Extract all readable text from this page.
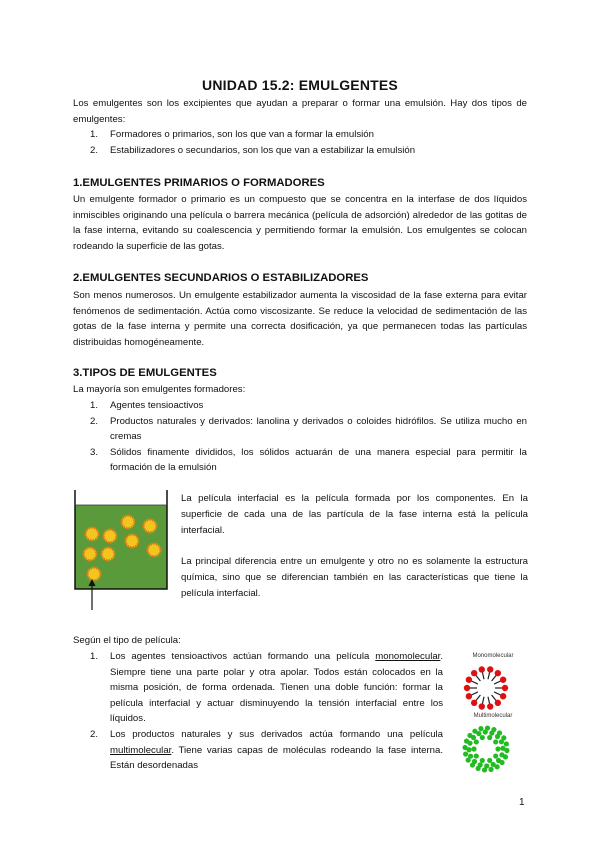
UNIDAD 15.2: EMULGENTES

Los emulgentes son los excipientes que ayudan a preparar o formar una emulsión. Hay dos tipos de emulgentes:

1. Formadores o primarios, son los que van a formar la emulsión
2. Estabilizadores o secundarios, son los que van a estabilizar la emulsión
1.EMULGENTES PRIMARIOS O FORMADORES

Un emulgente formador o primario es un compuesto que se concentra en la interfase de dos líquidos inmiscibles originando una película o barrera mecánica (película de adsorción) alrededor de las gotitas de la fase interna, evitando su coalescencia y permitiendo formar la emulsión. Los emulgentes se colocan rodeando la superficie de las gotas.

2.EMULGENTES SECUNDARIOS O ESTABILIZADORES

Son menos numerosos. Un emulgente estabilizador aumenta la viscosidad de la fase externa para evitar fenómenos de sedimentación. Actúa como viscosizante. Se reduce la velocidad de sedimentación de las gotas de la fase interna y permite una correcta dosificación, ya que permanecen todas las partículas distribuidas homogéneamente.

3.TIPOS DE EMULGENTES

La mayoría son emulgentes formadores:

1. Agentes tensioactivos
2. Productos naturales y derivados: lanolina y derivados o coloides hidrófilos. Se utiliza mucho en cremas
3. Sólidos finamente divididos, los sólidos actuarán de una manera especial para permitir la formación de la emulsión

La película interfacial es la película formada por los componentes. En la superficie de cada una de las partícula de la fase interna está la película interfacial.

La principal diferencia entre un emulgente y otro no es solamente la estructura química, sino que se diferencian también en las características que tiene la película interfacial.

Según el tipo de película:

1. Los agentes tensioactivos actúan formando una película monomolecular. Siempre tiene una parte polar y otra apolar. Todos están colocados en la misma posición, de forma ordenada. Tienen una doble función: formar la película interfacial y actuar disminuyendo la tensión interfacial entre los líquidos.
2. Los productos naturales y sus derivados actúa formando una película multimolecular. Tiene varias capas de moléculas rodeando la fase interna. Están desordenadas
Monomolecular
Multimolecular
1
